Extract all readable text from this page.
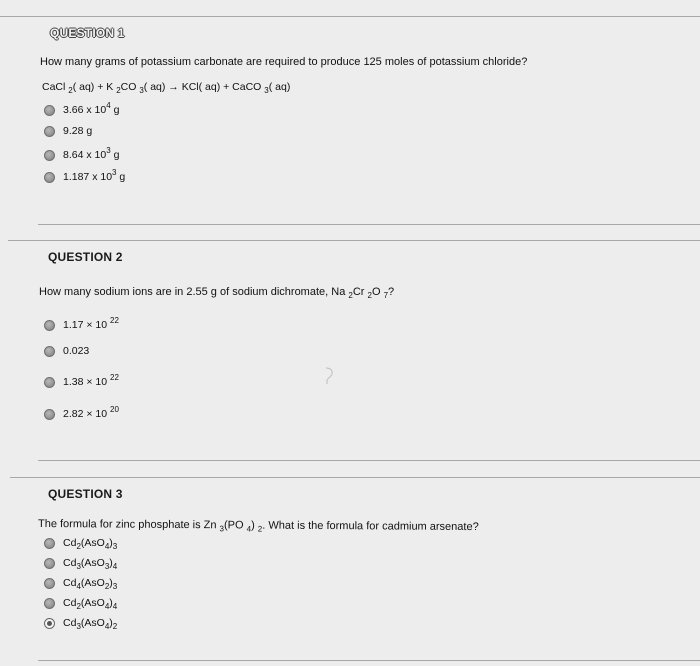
QUESTION 1
How many grams of potassium carbonate are required to produce 125 moles of potassium chloride?
CaCl $_2$( aq) + K $_2$CO $_3$( aq) → KCl( aq) + CaCO $_3$( aq)
3.66 x $10^4$ g
9.28 g
8.64 x $10^3$ g
1.187 x $10^3$ g
QUESTION 2
How many sodium ions are in 2.55 g of sodium dichromate, Na $_2$Cr $_2$O $_7$?
1.17 × 10 $^{22}$
0.023
1.38 × 10 $^{22}$
2.82 × 10 $^{20}$
QUESTION 3
The formula for zinc phosphate is Zn $_3$(PO $_4$) $_2$. What is the formula for cadmium arsenate?
$Cd_2(AsO_4)_3$
$Cd_3(AsO_3)_4$
$Cd_4(AsO_2)_3$
$Cd_2(AsO_4)_4$
$Cd_3(AsO_4)_2$
